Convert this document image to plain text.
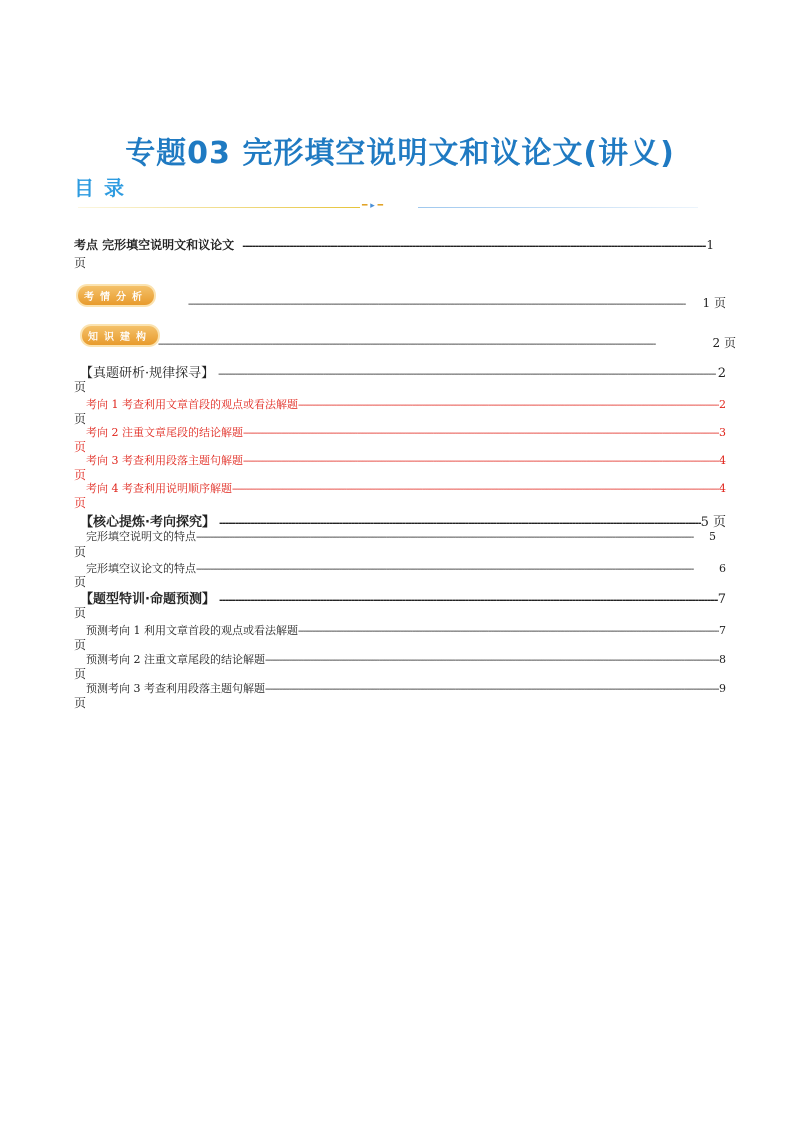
专题03 完形填空说明文和议论文(讲义)
目录
━ ▸ ━
考点 完形填空说明文和议论文 -----	1
页
考情分析 -----	1 页
知识建构 -----	2 页
【真题研析·规律探寻】 -----	2
页
考向 1 考查利用文章首段的观点或看法解题 -----	2
页
考向 2 注重文章尾段的结论解题 -----	3
页
考向 3 考查利用段落主题句解题 -----	4
页
考向 4 考查利用说明顺序解题 -----	4
页
【核心提炼·考向探究】 -----	5 页
完形填空说明文的特点 -----	5
页
完形填空议论文的特点 -----	6
页
【题型特训·命题预测】 -----	7
页
预测考向 1 利用文章首段的观点或看法解题 -----	7
页
预测考向 2 注重文章尾段的结论解题 -----	8
页
预测考向 3 考查利用段落主题句解题 -----	9
页
